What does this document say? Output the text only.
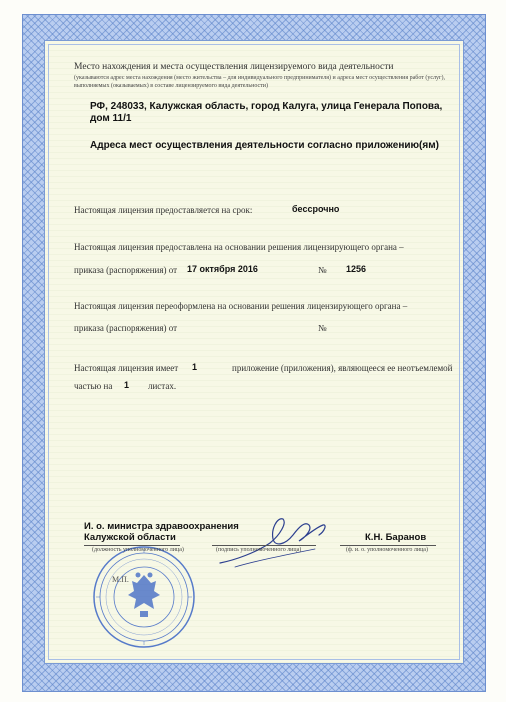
Место нахождения и места осуществления лицензируемого вида деятельности
(указываются адрес места нахождения (место жительства – для индивидуального предпринимателя) и адреса мест осуществления работ (услуг),
выполняемых (оказываемых) в составе лицензируемого вида деятельности)
РФ, 248033, Калужская область, город Калуга, улица Генерала Попова,
дом 11/1
Адреса мест осуществления деятельности согласно приложению(ям)
Настоящая лицензия предоставляется на срок:	бессрочно
Настоящая лицензия предоставлена на основании решения лицензирующего органа –
приказа (распоряжения) от 17 октября 2016	№ 1256
Настоящая лицензия переоформлена на основании решения лицензирующего органа –
приказа (распоряжения) от	№
Настоящая лицензия имеет 1	приложение (приложения), являющееся ее неотъемлемой
частью на 1 листах.
М.П.
И. о. министра здравоохранения
Калужской области
(должность уполномоченного лица)	(подпись уполномоченного лица)
К.Н. Баранов
(ф. и. о. уполномоченного лица)
